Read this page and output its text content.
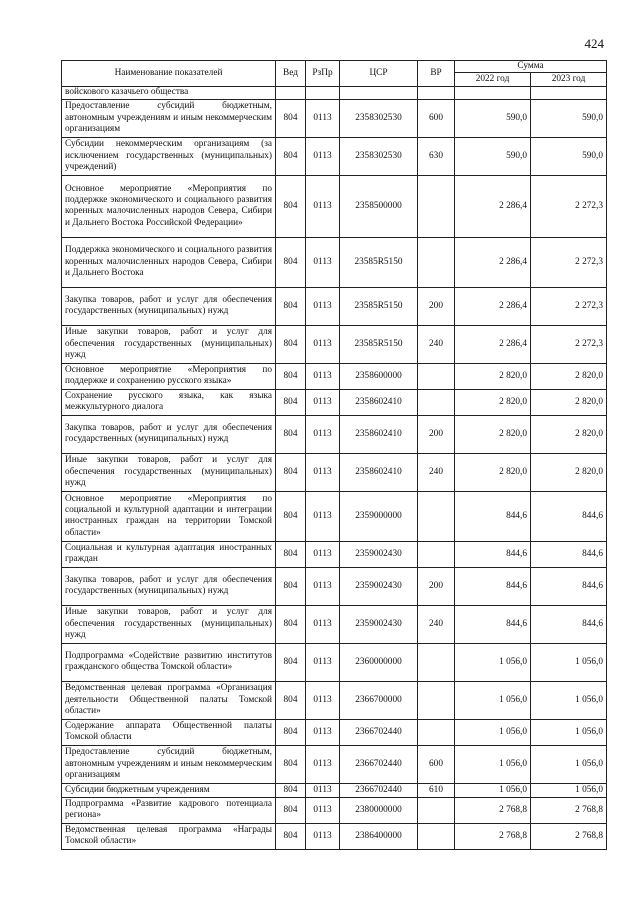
424
Наименование показателей	Вед	РзПр	ЦСР	ВР	Сумма	
					2022 год	2023 год
войскового казачьего общества						
Предоставление субсидий бюджетным, автономным учреждениям и иным некоммерческим организациям	804	0113	2358302530	600	590,0	590,0
Субсидии некоммерческим организациям (за исключением государственных (муниципальных) учреждений)	804	0113	2358302530	630	590,0	590,0
Основное мероприятие «Мероприятия по поддержке экономического и социального развития коренных малочисленных народов Севера, Сибири и Дальнего Востока Российской Федерации»	804	0113	2358500000		2 286,4	2 272,3
Поддержка экономического и социального развития коренных малочисленных народов Севера, Сибири и Дальнего Востока	804	0113	23585R5150		2 286,4	2 272,3
Закупка товаров, работ и услуг для обеспечения государственных (муниципальных) нужд	804	0113	23585R5150	200	2 286,4	2 272,3
Иные закупки товаров, работ и услуг для обеспечения государственных (муниципальных) нужд	804	0113	23585R5150	240	2 286,4	2 272,3
Основное мероприятие «Мероприятия по поддержке и сохранению русского языка»	804	0113	2358600000		2 820,0	2 820,0
Сохранение русского языка, как языка межкультурного диалога	804	0113	2358602410		2 820,0	2 820,0
Закупка товаров, работ и услуг для обеспечения государственных (муниципальных) нужд	804	0113	2358602410	200	2 820,0	2 820,0
Иные закупки товаров, работ и услуг для обеспечения государственных (муниципальных) нужд	804	0113	2358602410	240	2 820,0	2 820,0
Основное мероприятие «Мероприятия по социальной и культурной адаптации и интеграции иностранных граждан на территории Томской области»	804	0113	2359000000		844,6	844,6
Социальная и культурная адаптация иностранных граждан	804	0113	2359002430		844,6	844,6
Закупка товаров, работ и услуг для обеспечения государственных (муниципальных) нужд	804	0113	2359002430	200	844,6	844,6
Иные закупки товаров, работ и услуг для обеспечения государственных (муниципальных) нужд	804	0113	2359002430	240	844,6	844,6
Подпрограмма «Содействие развитию институтов гражданского общества Томской области»	804	0113	2360000000		1 056,0	1 056,0
Ведомственная целевая программа «Организация деятельности Общественной палаты Томской области»	804	0113	2366700000		1 056,0	1 056,0
Содержание аппарата Общественной палаты Томской области	804	0113	2366702440		1 056,0	1 056,0
Предоставление субсидий бюджетным, автономным учреждениям и иным некоммерческим организациям	804	0113	2366702440	600	1 056,0	1 056,0
Субсидии бюджетным учреждениям	804	0113	2366702440	610	1 056,0	1 056,0
Подпрограмма «Развитие кадрового потенциала региона»	804	0113	2380000000		2 768,8	2 768,8
Ведомственная целевая программа «Награды Томской области»	804	0113	2386400000		2 768,8	2 768,8
